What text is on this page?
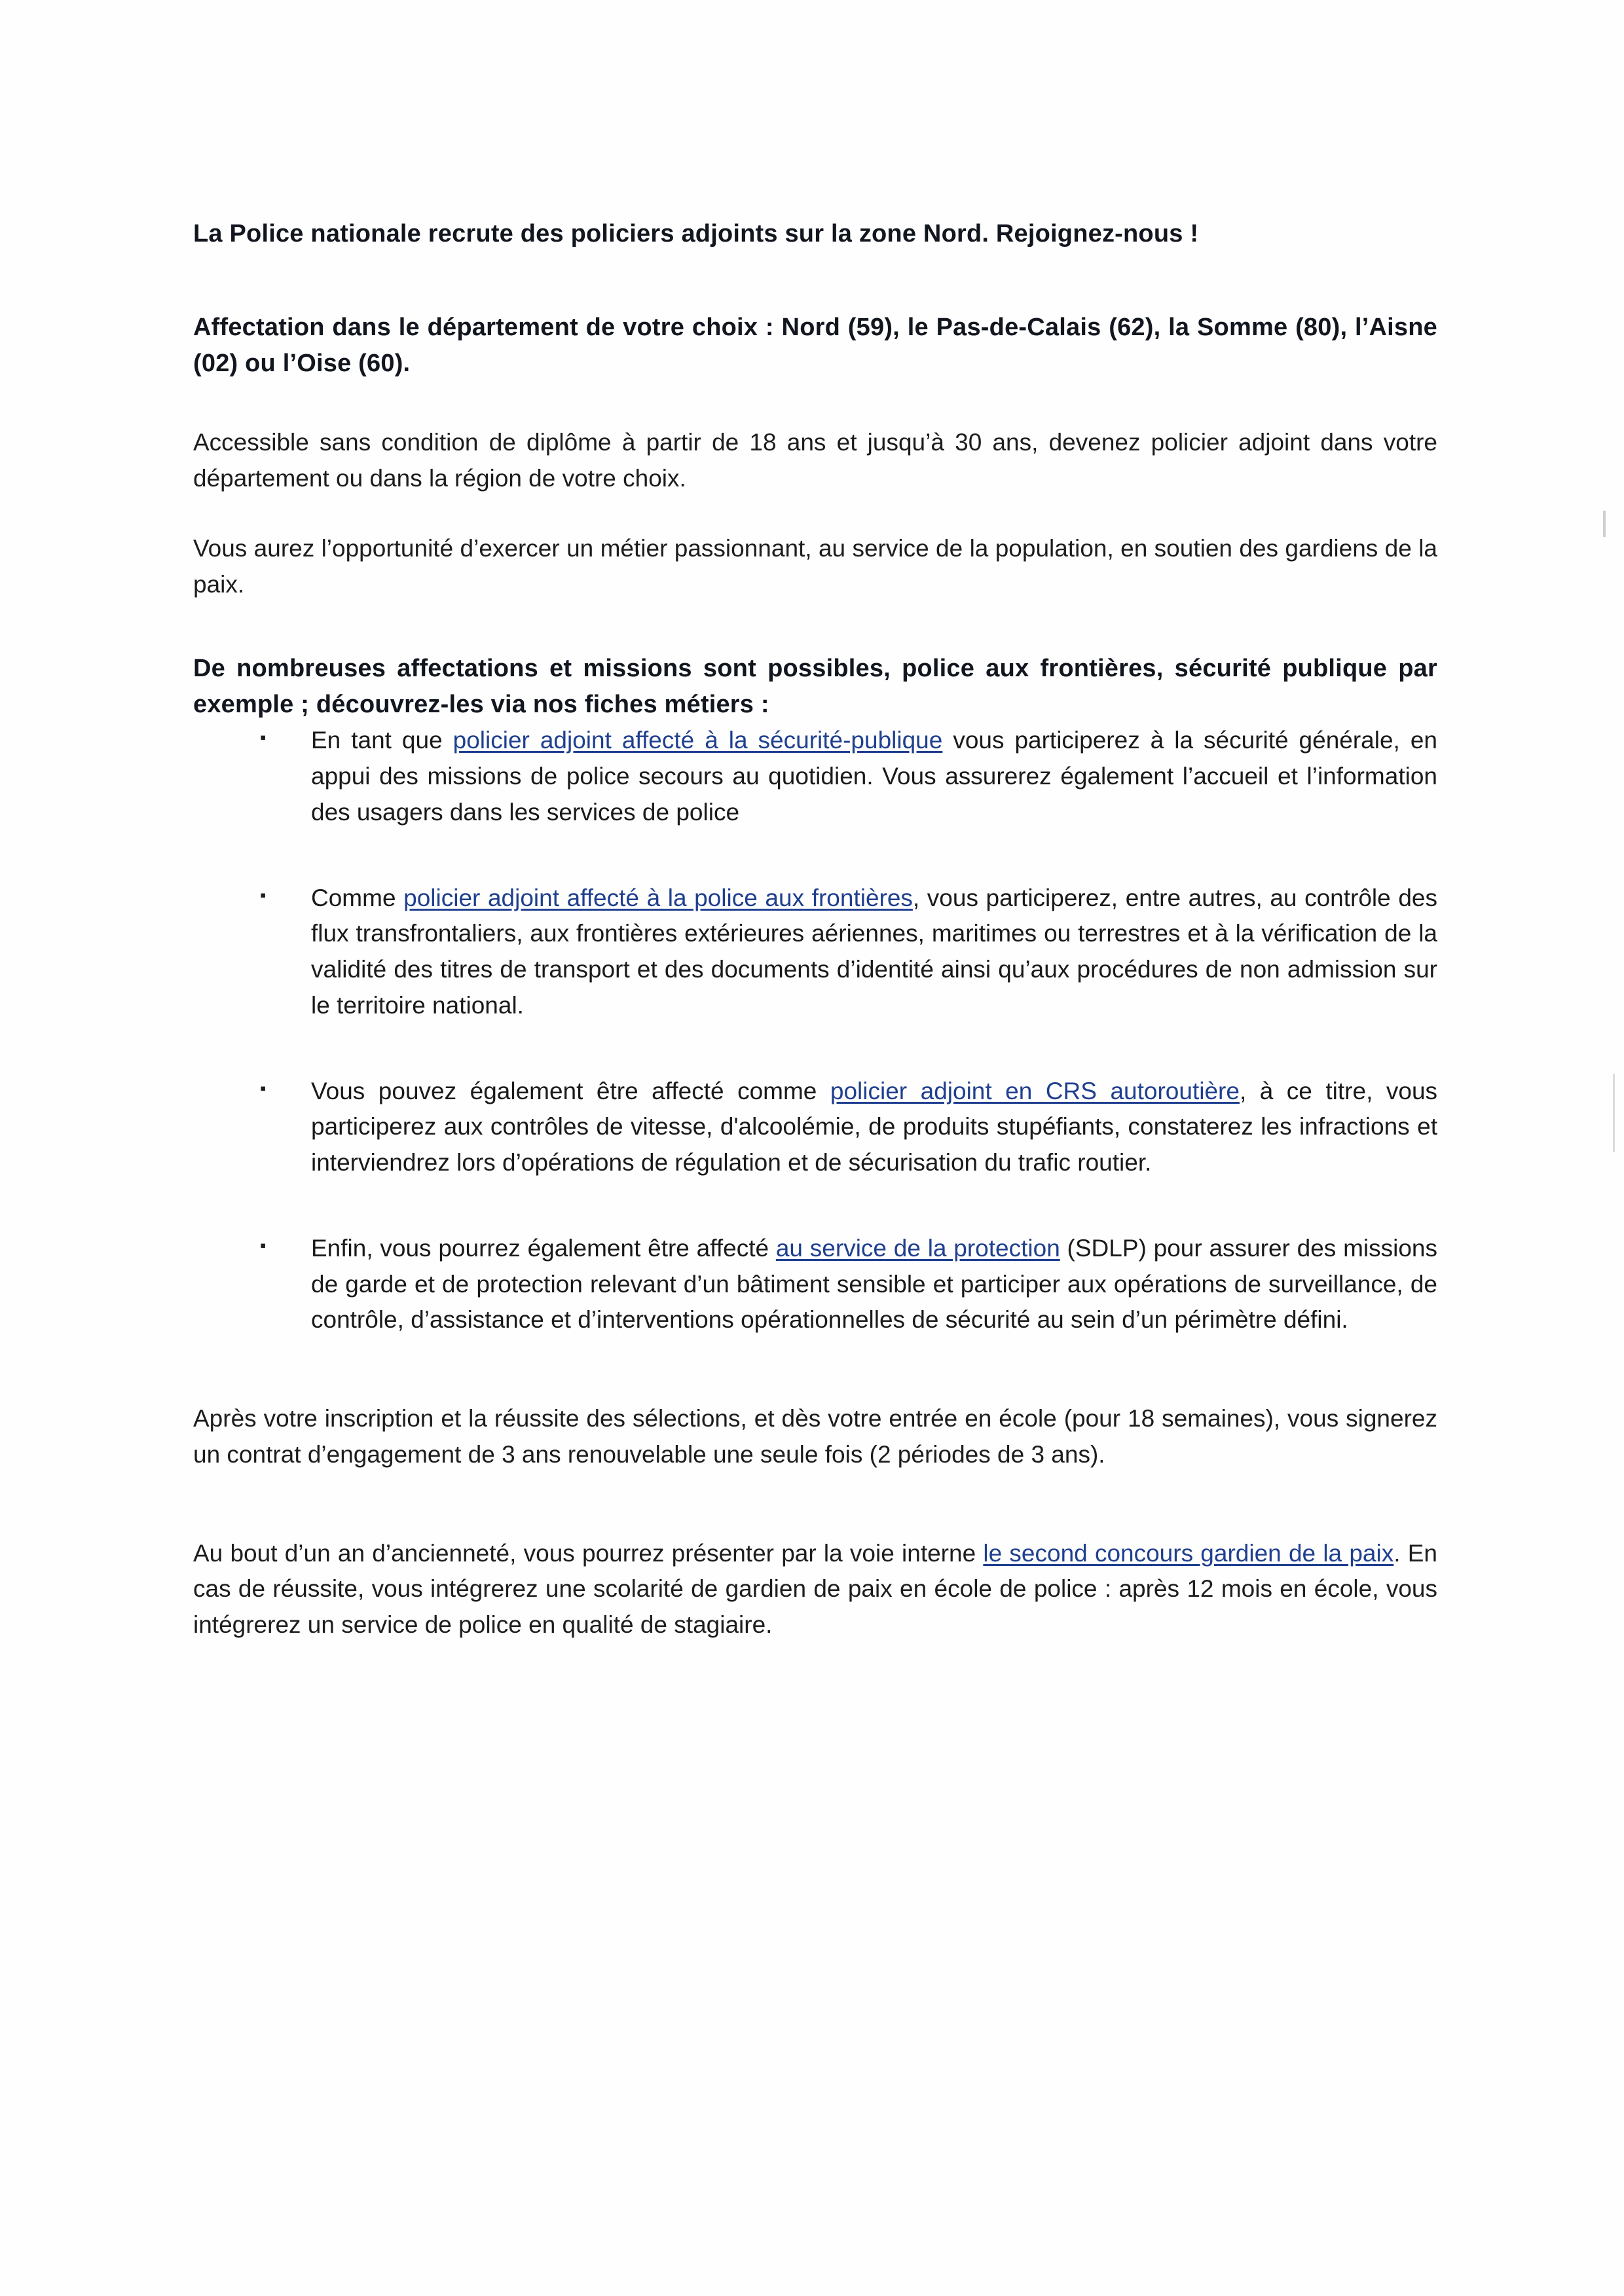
La Police nationale recrute des policiers adjoints sur la zone Nord. Rejoignez-nous !

Affectation dans le département de votre choix : Nord (59), le Pas-de-Calais (62), la Somme (80), l’Aisne (02) ou l’Oise (60).

Accessible sans condition de diplôme à partir de 18 ans et jusqu’à 30 ans, devenez policier adjoint dans votre département ou dans la région de votre choix.

Vous aurez l’opportunité d’exercer un métier passionnant, au service de la population, en soutien des gardiens de la paix.

De nombreuses affectations et missions sont possibles, police aux frontières, sécurité publique par exemple ; découvrez-les via nos fiches métiers :

▪ En tant que policier adjoint affecté à la sécurité-publique vous participerez à la sécurité générale, en appui des missions de police secours au quotidien. Vous assurerez également l’accueil et l’information des usagers dans les services de police
▪ Comme policier adjoint affecté à la police aux frontières, vous participerez, entre autres, au contrôle des flux transfrontaliers, aux frontières extérieures aériennes, maritimes ou terrestres et à la vérification de la validité des titres de transport et des documents d’identité ainsi qu’aux procédures de non admission sur le territoire national.
▪ Vous pouvez également être affecté comme policier adjoint en CRS autoroutière, à ce titre, vous participerez aux contrôles de vitesse, d'alcoolémie, de produits stupéfiants, constaterez les infractions et interviendrez lors d’opérations de régulation et de sécurisation du trafic routier.
▪ Enfin, vous pourrez également être affecté au service de la protection (SDLP) pour assurer des missions de garde et de protection relevant d’un bâtiment sensible et participer aux opérations de surveillance, de contrôle, d’assistance et d’interventions opérationnelles de sécurité au sein d’un périmètre défini.

Après votre inscription et la réussite des sélections, et dès votre entrée en école (pour 18 semaines), vous signerez un contrat d’engagement de 3 ans renouvelable une seule fois (2 périodes de 3 ans).

Au bout d’un an d’ancienneté, vous pourrez présenter par la voie interne le second concours gardien de la paix. En cas de réussite, vous intégrerez une scolarité de gardien de paix en école de police : après 12 mois en école, vous intégrerez un service de police en qualité de stagiaire.
